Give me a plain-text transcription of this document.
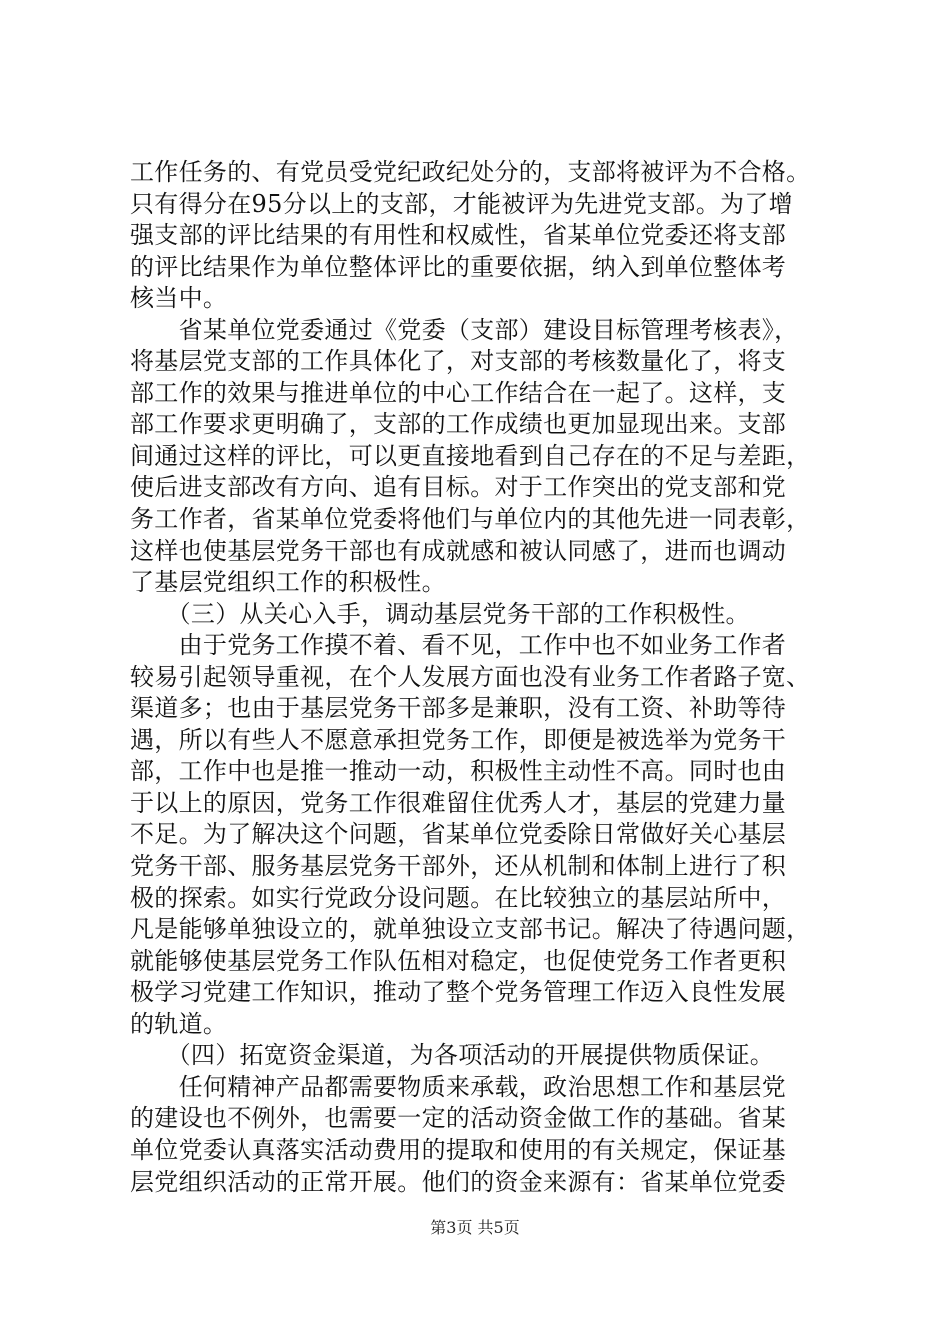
工作任务的、有党员受党纪政纪处分的，支部将被评为不合格。
只有得分在95分以上的支部，才能被评为先进党支部。为了增
强支部的评比结果的有用性和权威性，省某单位党委还将支部
的评比结果作为单位整体评比的重要依据，纳入到单位整体考
核当中。
　　省某单位党委通过《党委（支部）建设目标管理考核表》，
将基层党支部的工作具体化了，对支部的考核数量化了，将支
部工作的效果与推进单位的中心工作结合在一起了。这样，支
部工作要求更明确了，支部的工作成绩也更加显现出来。支部
间通过这样的评比，可以更直接地看到自己存在的不足与差距，
使后进支部改有方向、追有目标。对于工作突出的党支部和党
务工作者，省某单位党委将他们与单位内的其他先进一同表彰，
这样也使基层党务干部也有成就感和被认同感了，进而也调动
了基层党组织工作的积极性。
　　（三）从关心入手，调动基层党务干部的工作积极性。
　　由于党务工作摸不着、看不见，工作中也不如业务工作者
较易引起领导重视，在个人发展方面也没有业务工作者路子宽、
渠道多；也由于基层党务干部多是兼职，没有工资、补助等待
遇，所以有些人不愿意承担党务工作，即便是被选举为党务干
部，工作中也是推一推动一动，积极性主动性不高。同时也由
于以上的原因，党务工作很难留住优秀人才，基层的党建力量
不足。为了解决这个问题，省某单位党委除日常做好关心基层
党务干部、服务基层党务干部外，还从机制和体制上进行了积
极的探索。如实行党政分设问题。在比较独立的基层站所中，
凡是能够单独设立的，就单独设立支部书记。解决了待遇问题，
就能够使基层党务工作队伍相对稳定，也促使党务工作者更积
极学习党建工作知识，推动了整个党务管理工作迈入良性发展
的轨道。
　　（四）拓宽资金渠道，为各项活动的开展提供物质保证。
　　任何精神产品都需要物质来承载，政治思想工作和基层党
的建设也不例外，也需要一定的活动资金做工作的基础。省某
单位党委认真落实活动费用的提取和使用的有关规定，保证基
层党组织活动的正常开展。他们的资金来源有：省某单位党委
第3页 共5页
